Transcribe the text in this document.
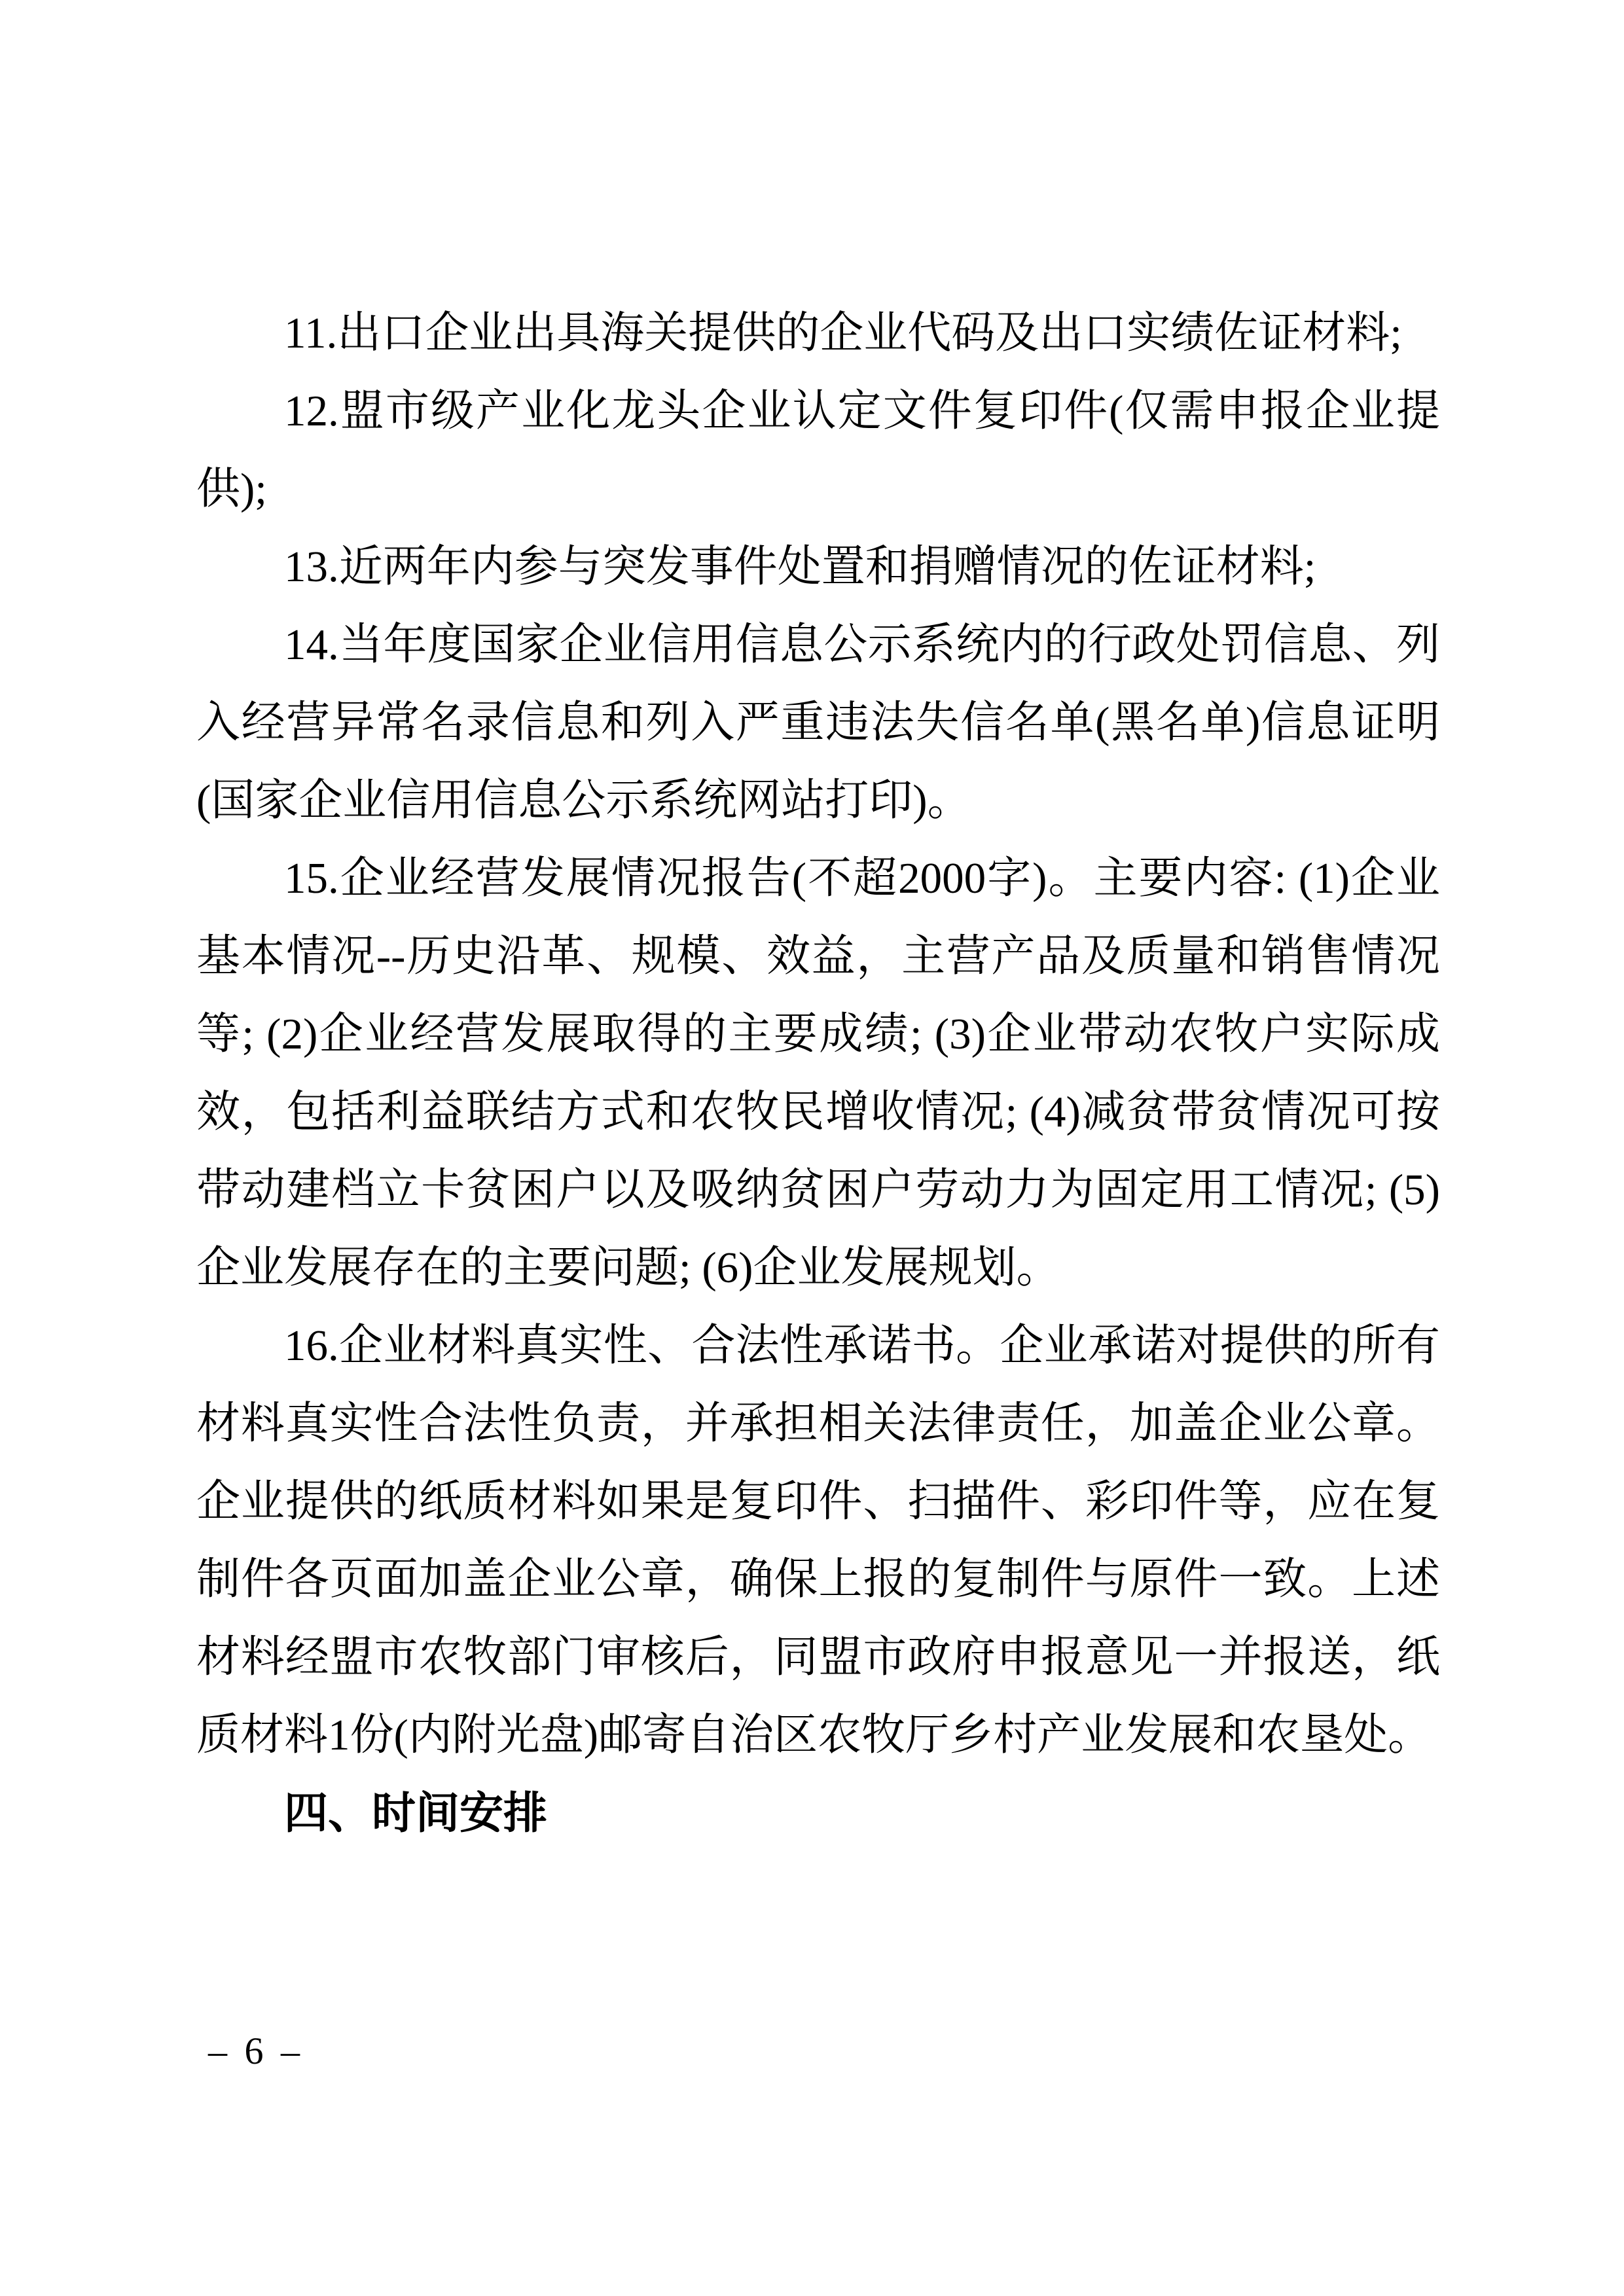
11.出口企业出具海关提供的企业代码及出口实绩佐证材料;

12.盟市级产业化龙头企业认定文件复印件(仅需申报企业提供);

13.近两年内参与突发事件处置和捐赠情况的佐证材料;

14.当年度国家企业信用信息公示系统内的行政处罚信息、列入经营异常名录信息和列入严重违法失信名单(黑名单)信息证明(国家企业信用信息公示系统网站打印)。

15.企业经营发展情况报告(不超2000字)。主要内容: (1)企业基本情况--历史沿革、规模、效益，主营产品及质量和销售情况等; (2)企业经营发展取得的主要成绩; (3)企业带动农牧户实际成效，包括利益联结方式和农牧民增收情况; (4)减贫带贫情况可按带动建档立卡贫困户以及吸纳贫困户劳动力为固定用工情况; (5)企业发展存在的主要问题; (6)企业发展规划。

16.企业材料真实性、合法性承诺书。企业承诺对提供的所有材料真实性合法性负责，并承担相关法律责任，加盖企业公章。企业提供的纸质材料如果是复印件、扫描件、彩印件等，应在复制件各页面加盖企业公章，确保上报的复制件与原件一致。上述材料经盟市农牧部门审核后，同盟市政府申报意见一并报送，纸质材料1份(内附光盘)邮寄自治区农牧厅乡村产业发展和农垦处。

四、时间安排

– 6 –
